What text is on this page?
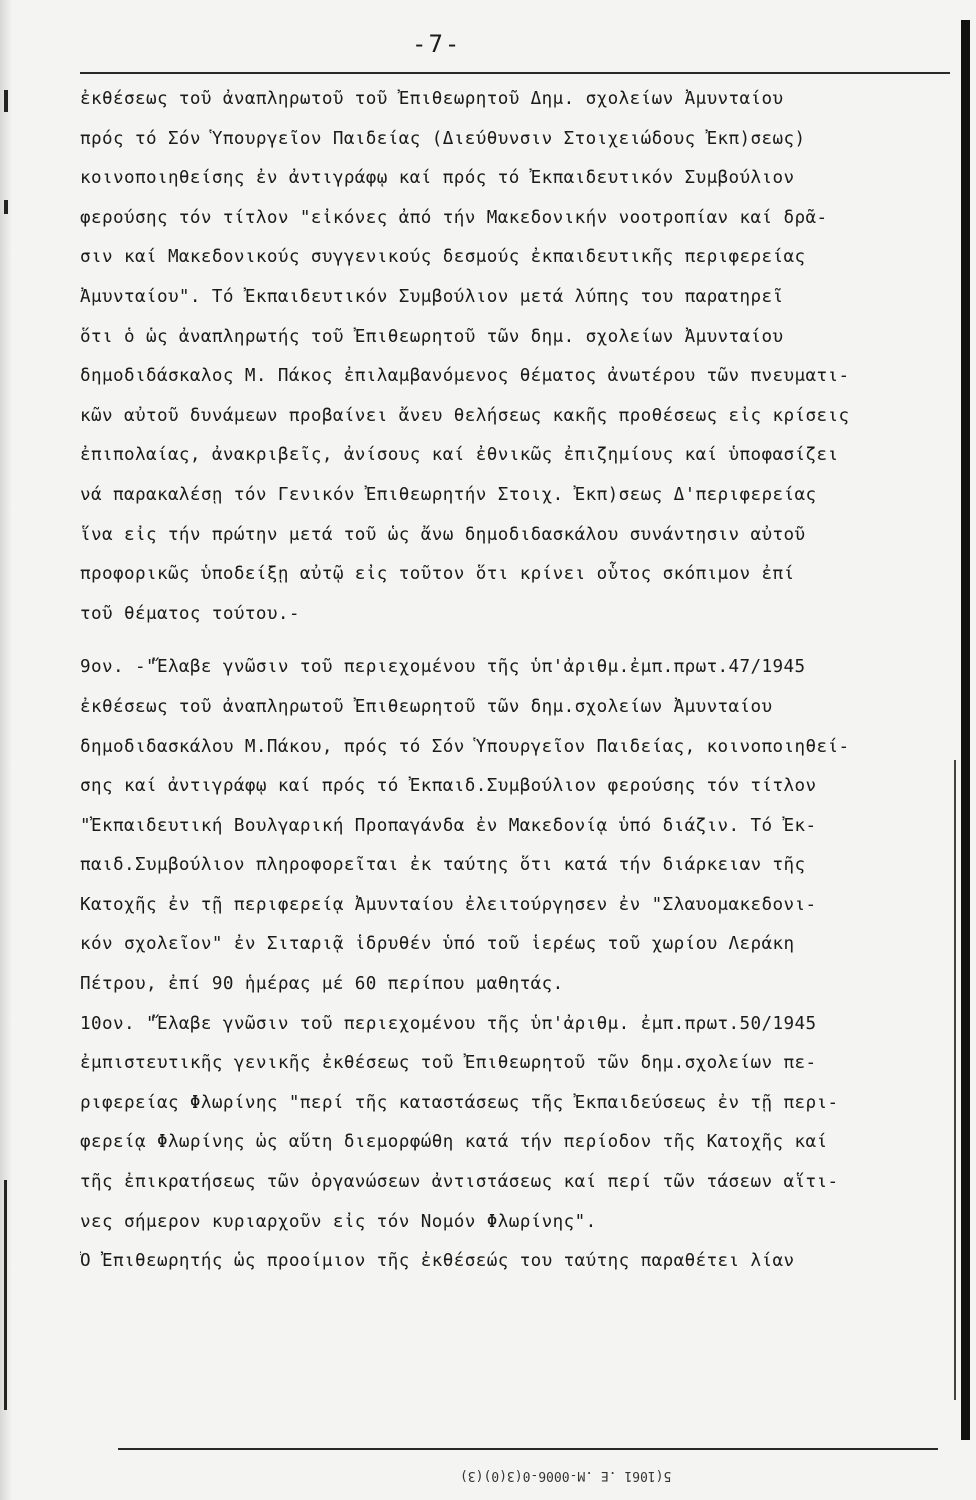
-7-
ἐκθέσεως τοῦ ἀναπληρωτοῦ τοῦ Ἐπιθεωρητοῦ Δημ. σχολείων Ἀμυνταίου
πρός τό Σόν Ὑπουργεῖον Παιδείας (Διεύθυνσιν Στοιχειώδους Ἐκπ)σεως)
κοινοποιηθείσης ἐν ἀντιγράφῳ καί πρός τό Ἐκπαιδευτικόν Συμβούλιον
φερούσης τόν τίτλον "εἰκόνες ἀπό τήν Μακεδονικήν νοοτροπίαν καί δρᾶ-
σιν καί Μακεδονικούς συγγενικούς δεσμούς ἐκπαιδευτικῆς περιφερείας
Ἀμυνταίου". Τό Ἐκπαιδευτικόν Συμβούλιον μετά λύπης του παρατηρεῖ
ὅτι ὁ ὡς ἀναπληρωτής τοῦ Ἐπιθεωρητοῦ τῶν δημ. σχολείων Ἀμυνταίου
δημοδιδάσκαλος Μ. Πάκος ἐπιλαμβανόμενος θέματος ἀνωτέρου τῶν πνευματι-
κῶν αὐτοῦ δυνάμεων προβαίνει ἄνευ θελήσεως κακῆς προθέσεως εἰς κρίσεις
ἐπιπολαίας, ἀνακριβεῖς, ἀνίσους καί ἐθνικῶς ἐπιζημίους καί ὑποφασίζει
νά παρακαλέσῃ τόν Γενικόν Ἐπιθεωρητήν Στοιχ. Ἐκπ)σεως Δ'περιφερείας
ἵνα εἰς τήν πρώτην μετά τοῦ ὡς ἄνω δημοδιδασκάλου συνάντησιν αὐτοῦ
προφορικῶς ὑποδείξῃ αὐτῷ εἰς τοῦτον ὅτι κρίνει οὗτος σκόπιμον ἐπί
τοῦ θέματος τούτου.-
9ον. -"Ἔλαβε γνῶσιν τοῦ περιεχομένου τῆς ὑπ'ἀριθμ.ἐμπ.πρωτ.47/1945
ἐκθέσεως τοῦ ἀναπληρωτοῦ Ἐπιθεωρητοῦ τῶν δημ.σχολείων Ἀμυνταίου
δημοδιδασκάλου Μ.Πάκου, πρός τό Σόν Ὑπουργεῖον Παιδείας, κοινοποιηθεί-
σης καί ἀντιγράφῳ καί πρός τό Ἐκπαιδ.Συμβούλιον φερούσης τόν τίτλον
"Ἐκπαιδευτική Βουλγαρική Προπαγάνδα ἐν Μακεδονίᾳ ὑπό διάζιν. Τό Ἐκ-
παιδ.Συμβούλιον πληροφορεῖται ἐκ ταύτης ὅτι κατά τήν διάρκειαν τῆς
Κατοχῆς ἐν τῇ περιφερείᾳ Ἀμυνταίου ἐλειτούργησεν ἐν "Σλαυομακεδονι-
κόν σχολεῖον" ἐν Σιταριᾷ ἱδρυθέν ὑπό τοῦ ἱερέως τοῦ χωρίου Λεράκη
Πέτρου, ἐπί 90 ἡμέρας μέ 60 περίπου μαθητάς.
10ον. "Ἔλαβε γνῶσιν τοῦ περιεχομένου τῆς ὑπ'ἀριθμ. ἐμπ.πρωτ.50/1945
ἐμπιστευτικῆς γενικῆς ἐκθέσεως τοῦ Ἐπιθεωρητοῦ τῶν δημ.σχολείων πε-
ριφερείας Φλωρίνης "περί τῆς καταστάσεως τῆς Ἐκπαιδεύσεως ἐν τῇ περι-
φερείᾳ Φλωρίνης ὡς αὕτη διεμορφώθη κατά τήν περίοδον τῆς Κατοχῆς καί
τῆς ἐπικρατήσεως τῶν ὀργανώσεων ἀντιστάσεως καί περί τῶν τάσεων αἵτι-
νες σήμερον κυριαρχοῦν εἰς τόν Νομόν Φλωρίνης".
Ὁ Ἐπιθεωρητής ὡς προοίμιον τῆς ἐκθέσεώς του ταύτης παραθέτει λίαν
5(1061 .Ε .Μ-0006-0(3(0)(3)
